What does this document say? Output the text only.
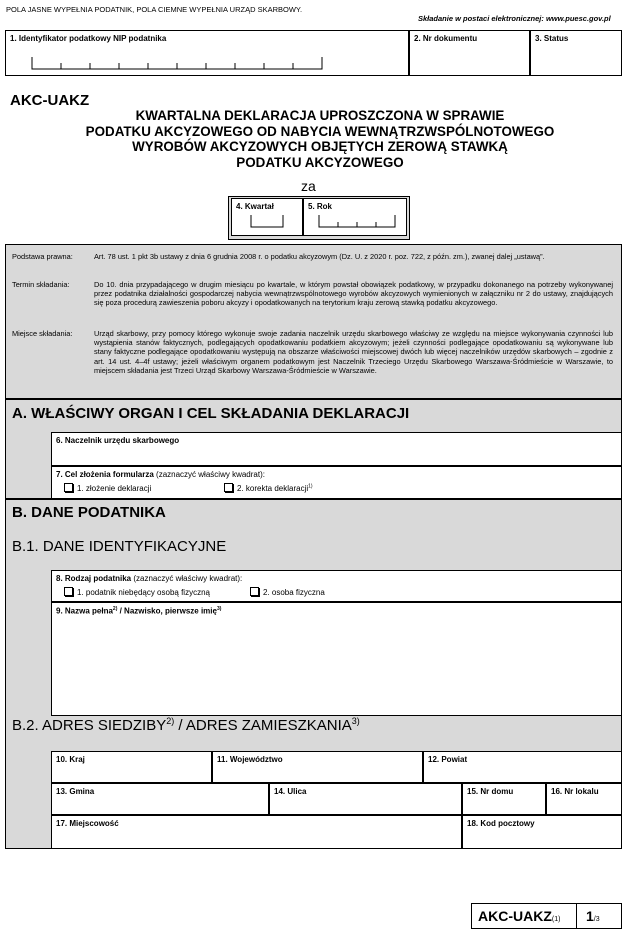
POLA JASNE WYPEŁNIA PODATNIK, POLA CIEMNE WYPEŁNIA URZĄD SKARBOWY.
Składanie w postaci elektronicznej: www.puesc.gov.pl
1. Identyfikator podatkowy NIP podatnika	2. Nr dokumentu	3. Status
AKC-UAKZ
KWARTALNA DEKLARACJA UPROSZCZONA W SPRAWIE
PODATKU AKCYZOWEGO OD NABYCIA WEWNĄTRZWSPÓLNOTOWEGO
WYROBÓW AKCYZOWYCH OBJĘTYCH ZEROWĄ STAWKĄ
PODATKU AKCYZOWEGO
za
4. Kwartał	5. Rok
Podstawa prawna:	Art. 78 ust. 1 pkt 3b ustawy z dnia 6 grudnia 2008 r. o podatku akcyzowym (Dz. U. z 2020 r. poz. 722, z późn. zm.), zwanej dalej „ustawą”.
Termin składania:	Do 10. dnia przypadającego w drugim miesiącu po kwartale, w którym powstał obowiązek podatkowy, w przypadku dokonanego na potrzeby wykonywanej przez podatnika działalności gospodarczej nabycia wewnątrzwspólnotowego wyrobów akcyzowych wymienionych w załączniku nr 2 do ustawy, znajdujących się poza procedurą zawieszenia poboru akcyzy i opodatkowanych na terytorium kraju zerową stawką podatku akcyzowego.
Miejsce składania:	Urząd skarbowy, przy pomocy którego wykonuje swoje zadania naczelnik urzędu skarbowego właściwy ze względu na miejsce wykonywania czynności lub wystąpienia stanów faktycznych, podlegających opodatkowaniu podatkiem akcyzowym; jeżeli czynności podlegające opodatkowaniu są wykonywane lub stany faktyczne podlegające opodatkowaniu występują na obszarze właściwości miejscowej dwóch lub więcej naczelników urzędów skarbowych – zgodnie z art. 14 ust. 4–4f ustawy; jeżeli właściwym organem podatkowym jest Naczelnik Trzeciego Urzędu Skarbowego Warszawa-Śródmieście w Warszawie, to miejscem składania jest Trzeci Urząd Skarbowy Warszawa-Śródmieście w Warszawie.
A. WŁAŚCIWY ORGAN I CEL SKŁADANIA DEKLARACJI
6. Naczelnik urzędu skarbowego
7. Cel złożenia formularza (zaznaczyć właściwy kwadrat):
1. złożenie deklaracji	2. korekta deklaracji$^{1)}$
B. DANE PODATNIKA
B.1. DANE IDENTYFIKACYJNE
B.2. ADRES SIEDZIBY$^{2)}$ / ADRES ZAMIESZKANIA$^{3)}$
8. Rodzaj podatnika (zaznaczyć właściwy kwadrat):
1. podatnik niebędący osobą fizyczną	2. osoba fizyczna
9. Nazwa pełna$^{2)}$ / Nazwisko, pierwsze imię$^{3)}$
10. Kraj	11. Województwo	12. Powiat
13. Gmina	14. Ulica	15. Nr domu	16. Nr lokalu
17. Miejscowość	18. Kod pocztowy
AKC-UAKZ(1) 1/3
